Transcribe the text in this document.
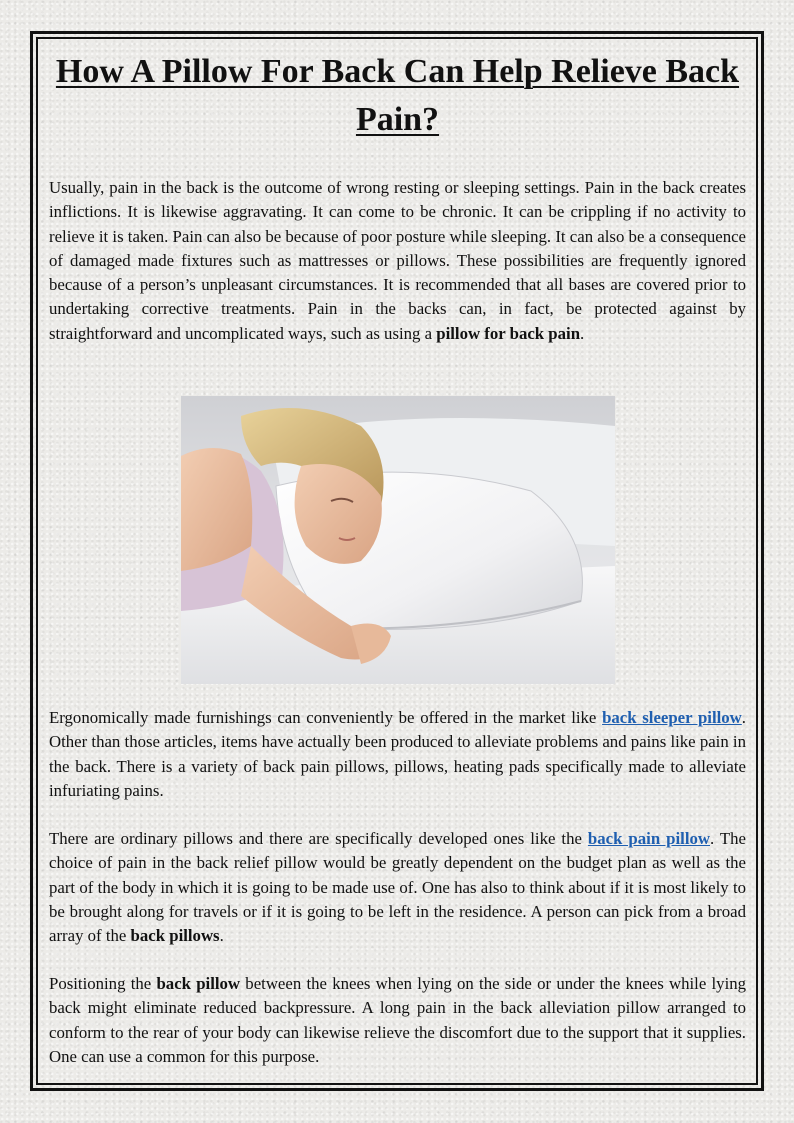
How A Pillow For Back Can Help Relieve Back Pain?

Usually, pain in the back is the outcome of wrong resting or sleeping settings. Pain in the back creates inflictions. It is likewise aggravating. It can come to be chronic. It can be crippling if no activity to relieve it is taken. Pain can also be because of poor posture while sleeping. It can also be a consequence of damaged made fixtures such as mattresses or pillows. These possibilities are frequently ignored because of a person’s unpleasant circumstances. It is recommended that all bases are covered prior to undertaking corrective treatments. Pain in the backs can, in fact, be protected against by straightforward and uncomplicated ways, such as using a pillow for back pain.

Ergonomically made furnishings can conveniently be offered in the market like back sleeper pillow. Other than those articles, items have actually been produced to alleviate problems and pains like pain in the back. There is a variety of back pain pillows, pillows, heating pads specifically made to alleviate infuriating pains.

There are ordinary pillows and there are specifically developed ones like the back pain pillow. The choice of pain in the back relief pillow would be greatly dependent on the budget plan as well as the part of the body in which it is going to be made use of. One has also to think about if it is most likely to be brought along for travels or if it is going to be left in the residence. A person can pick from a broad array of the back pillows.

Positioning the back pillow between the knees when lying on the side or under the knees while lying back might eliminate reduced backpressure. A long pain in the back alleviation pillow arranged to conform to the rear of your body can likewise relieve the discomfort due to the support that it supplies. One can use a common for this purpose.
